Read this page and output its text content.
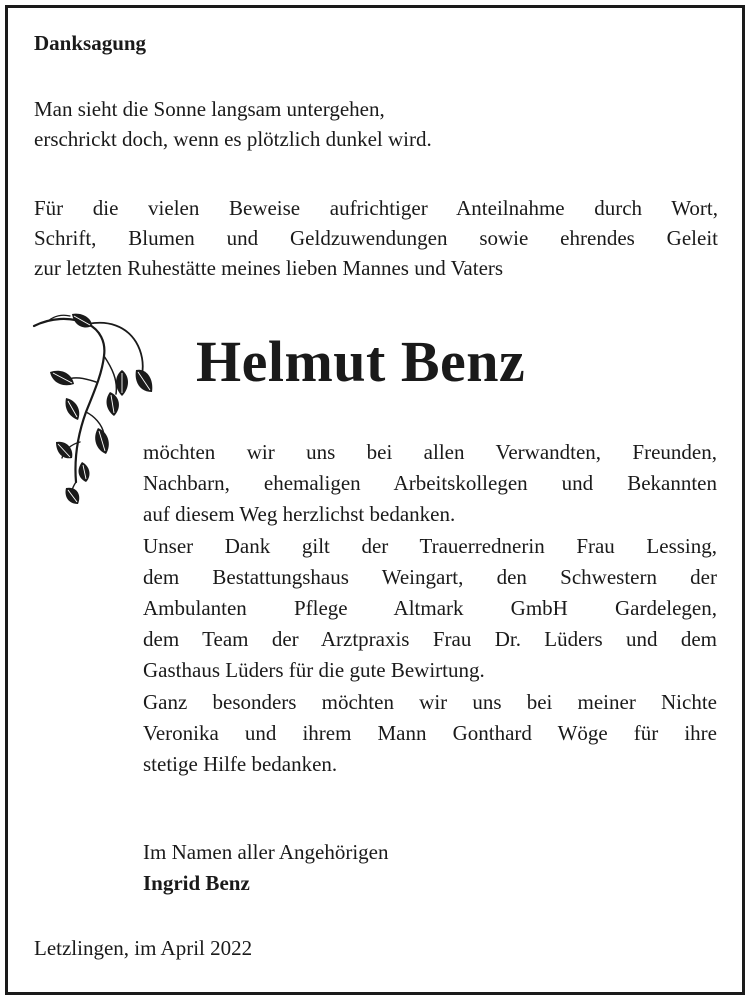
Danksagung
Man sieht die Sonne langsam untergehen,
erschrickt doch, wenn es plötzlich dunkel wird.
Für die vielen Beweise aufrichtiger Anteilnahme durch Wort,
Schrift, Blumen und Geldzuwendungen sowie ehrendes Geleit
zur letzten Ruhestätte meines lieben Mannes und Vaters
Helmut Benz
möchten wir uns bei allen Verwandten, Freunden,
Nachbarn, ehemaligen Arbeitskollegen und Bekannten
auf diesem Weg herzlichst bedanken.
Unser Dank gilt der Trauerrednerin Frau Lessing,
dem Bestattungshaus Weingart, den Schwestern der
Ambulanten Pflege Altmark GmbH Gardelegen,
dem Team der Arztpraxis Frau Dr. Lüders und dem
Gasthaus Lüders für die gute Bewirtung.
Ganz besonders möchten wir uns bei meiner Nichte
Veronika und ihrem Mann Gonthard Wöge für ihre
stetige Hilfe bedanken.
Im Namen aller Angehörigen
Ingrid Benz
Letzlingen, im April 2022
